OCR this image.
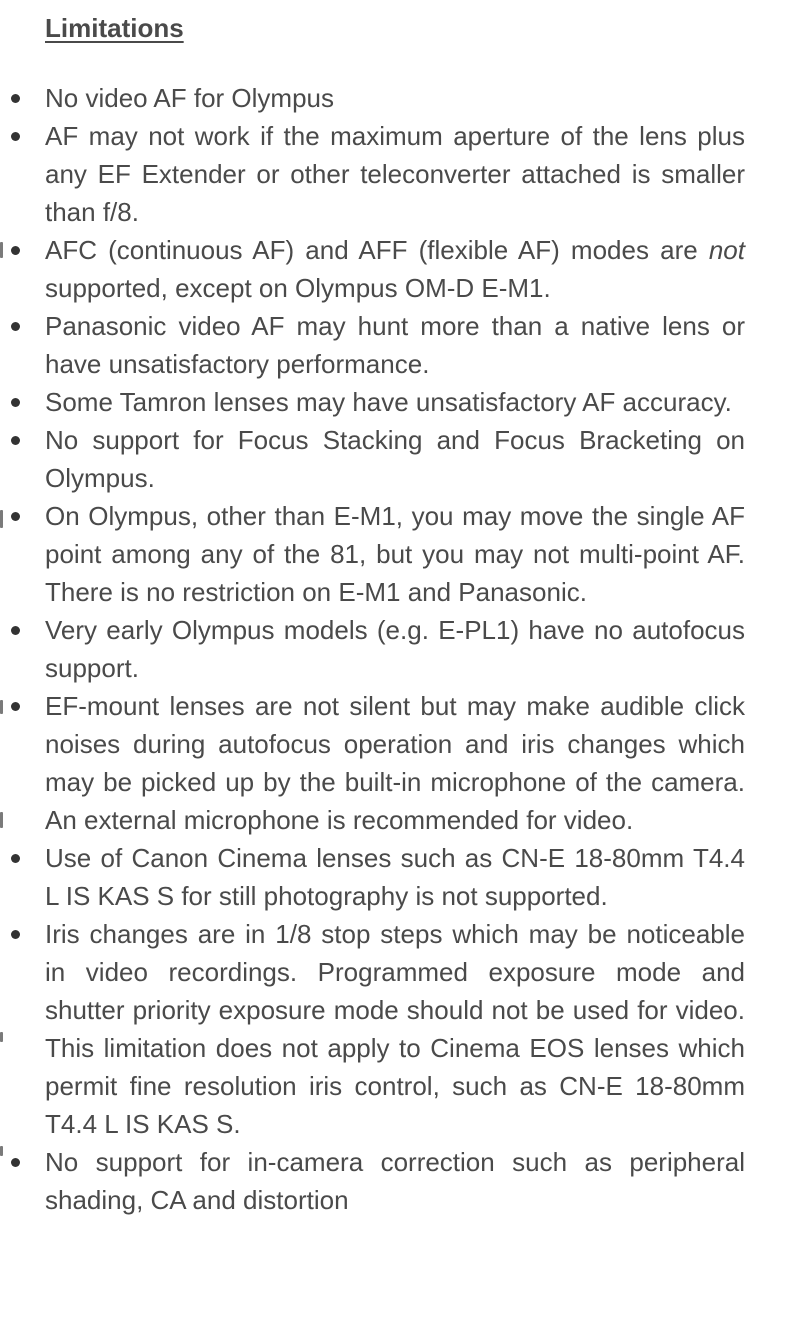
Limitations
No video AF for Olympus
AF may not work if the maximum aperture of the lens plus any EF Extender or other teleconverter attached is smaller than f/8.
AFC (continuous AF) and AFF (flexible AF) modes are not supported, except on Olympus OM-D E-M1.
Panasonic video AF may hunt more than a native lens or have unsatisfactory performance.
Some Tamron lenses may have unsatisfactory AF accuracy.
No support for Focus Stacking and Focus Bracketing on Olympus.
On Olympus, other than E-M1, you may move the single AF point among any of the 81, but you may not multi-point AF. There is no restriction on E-M1 and Panasonic.
Very early Olympus models (e.g. E-PL1) have no autofocus support.
EF-mount lenses are not silent but may make audible click noises during autofocus operation and iris changes which may be picked up by the built-in microphone of the camera. An external microphone is recommended for video.
Use of Canon Cinema lenses such as CN-E 18-80mm T4.4 L IS KAS S for still photography is not supported.
Iris changes are in 1/8 stop steps which may be noticeable in video recordings. Programmed exposure mode and shutter priority exposure mode should not be used for video. This limitation does not apply to Cinema EOS lenses which permit fine resolution iris control, such as CN-E 18-80mm T4.4 L IS KAS S.
No support for in-camera correction such as peripheral shading, CA and distortion
